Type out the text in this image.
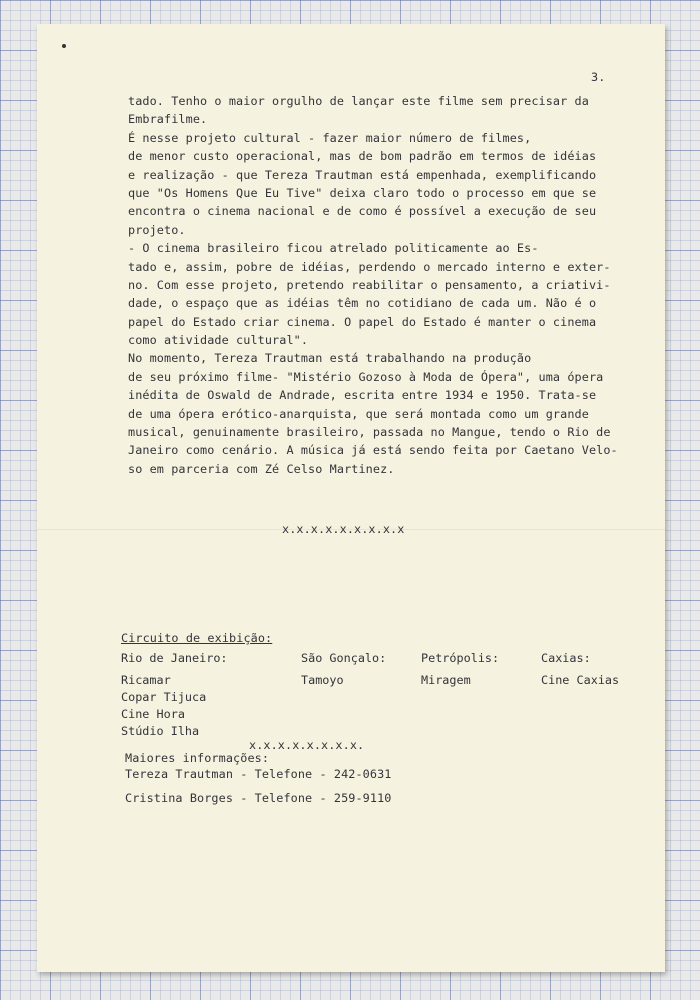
3.

tado. Tenho o maior orgulho de lançar este filme sem precisar da
Embrafilme.
É nesse projeto cultural - fazer maior número de filmes,
de menor custo operacional, mas de bom padrão em termos de idéias
e realização - que Tereza Trautman está empenhada, exemplificando
que "Os Homens Que Eu Tive" deixa claro todo o processo em que se
encontra o cinema nacional e de como é possível a execução de seu
projeto.
- O cinema brasileiro ficou atrelado politicamente ao Es-
tado e, assim, pobre de idéias, perdendo o mercado interno e exter-
no. Com esse projeto, pretendo reabilitar o pensamento, a criativi-
dade, o espaço que as idéias têm no cotidiano de cada um. Não é o
papel do Estado criar cinema. O papel do Estado é manter o cinema
como atividade cultural".
No momento, Tereza Trautman está trabalhando na produção
de seu próximo filme- "Mistério Gozoso à Moda de Ópera", uma ópera
inédita de Oswald de Andrade, escrita entre 1934 e 1950. Trata-se
de uma ópera erótico-anarquista, que será montada como um grande
musical, genuinamente brasileiro, passada no Mangue, tendo o Rio de
Janeiro como cenário. A música já está sendo feita por Caetano Velo-
so em parceria com Zé Celso Martinez.

x.x.x.x.x.x.x.x.x

Circuito de exibição:

Rio de Janeiro:
Ricamar
Copar Tijuca
Cine Hora
Stúdio Ilha
São Gonçalo:
Tamoyo
Petrópolis:
Miragem
Caxias:
Cine Caxias

x.x.x.x.x.x.x.x.

Maiores informações:

Tereza Trautman - Telefone - 242-0631

Cristina Borges - Telefone - 259-9110
